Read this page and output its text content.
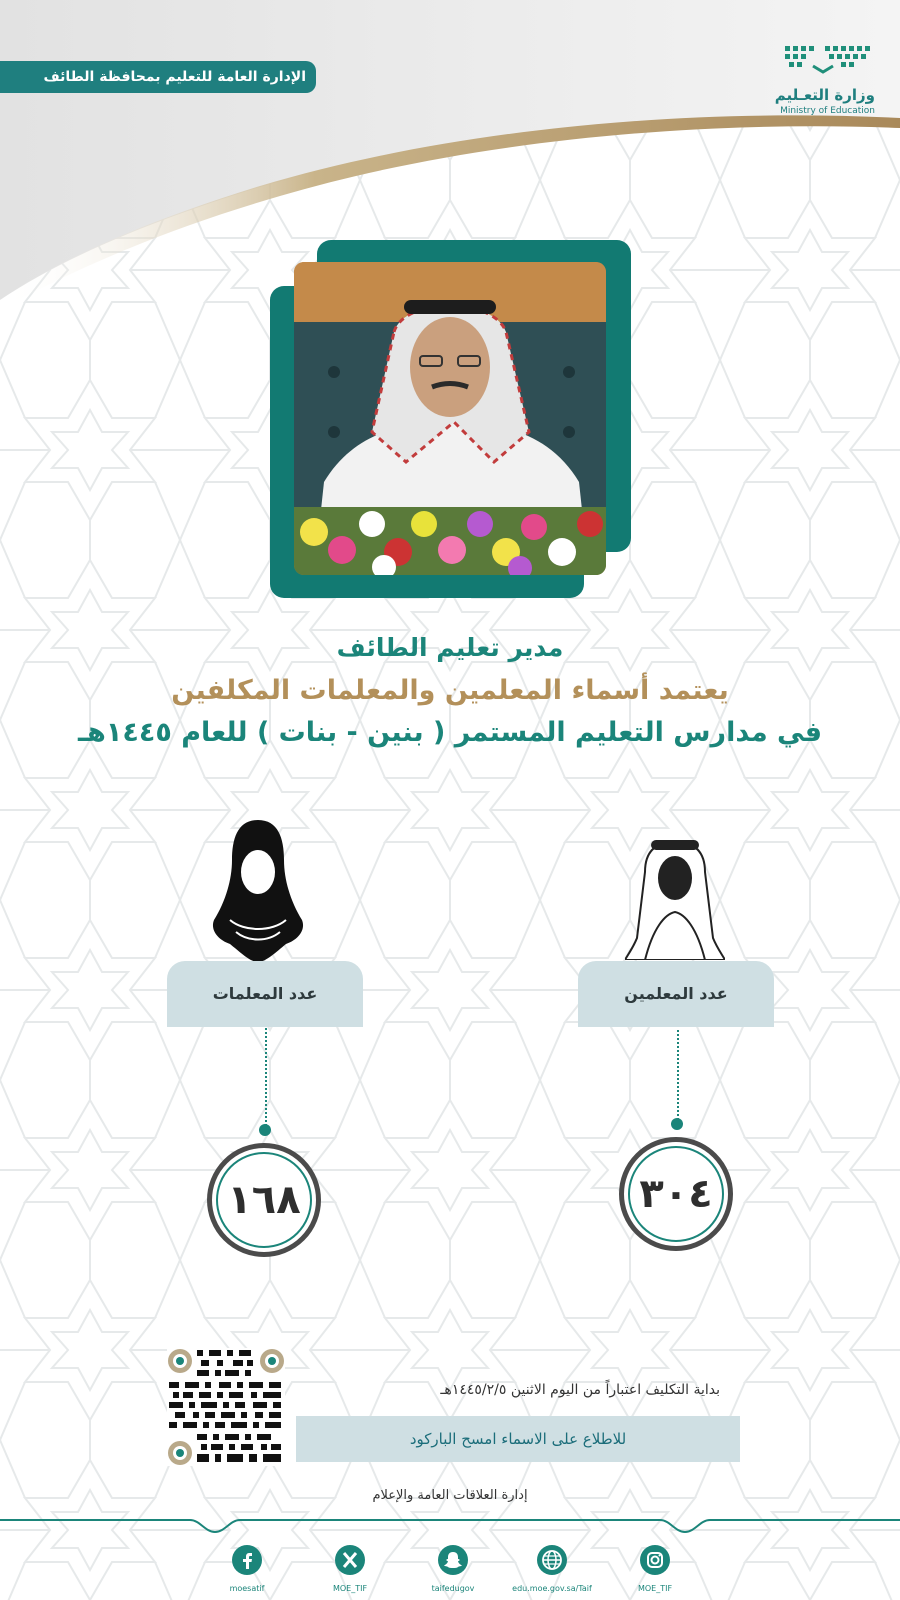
الإدارة العامة للتعليم بمحافظة الطائف
وزارة التعـليم
Ministry of Education
مدير تعليم الطائف
يعتمد أسماء المعلمين والمعلمات المكلفين
في مدارس التعليم المستمر ( بنين - بنات ) للعام ١٤٤٥هـ
عدد المعلمات
١٦٨
عدد المعلمين
٣٠٤
بداية التكليف اعتباراً من اليوم الاثنين ١٤٤٥/٢/٥هـ
للاطلاع على الاسماء امسح الباركود
إدارة العلاقات العامة والإعلام
moesatif	MOE_TIF	taifedugov	edu.moe.gov.sa/Taif	MOE_TIF
